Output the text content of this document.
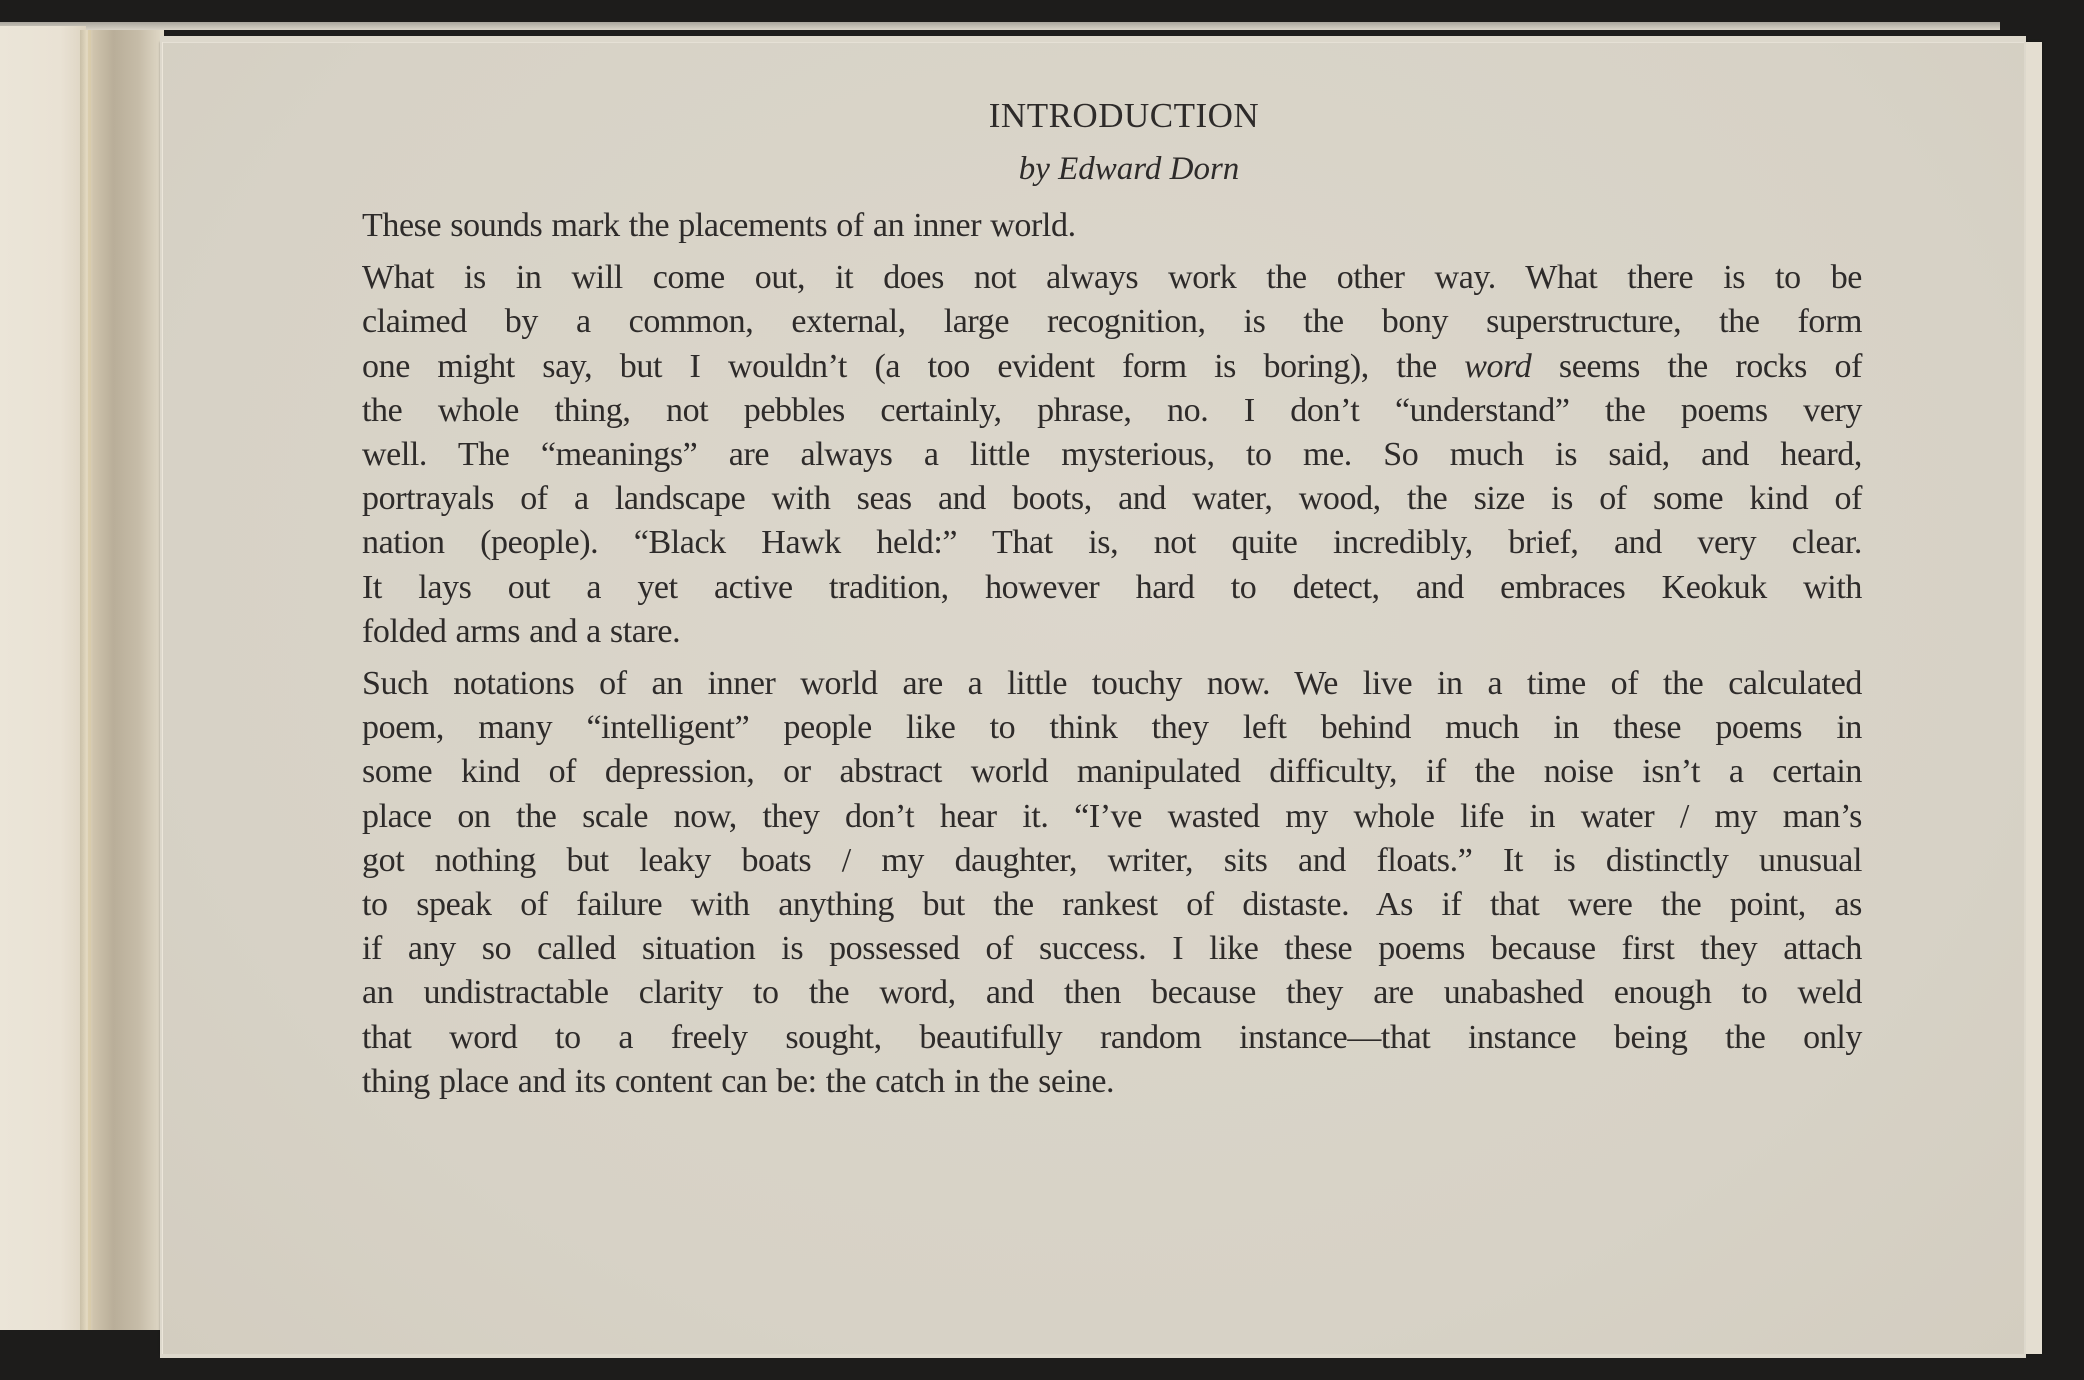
INTRODUCTION

by Edward Dorn

These sounds mark the placements of an inner world.

What is in will come out, it does not always work the other way. What there is to be
claimed by a common, external, large recognition, is the bony superstructure, the form
one might say, but I wouldn’t (a too evident form is boring), the word seems the rocks of
the whole thing, not pebbles certainly, phrase, no. I don’t “understand” the poems very
well. The “meanings” are always a little mysterious, to me. So much is said, and heard,
portrayals of a landscape with seas and boots, and water, wood, the size is of some kind of
nation (people). “Black Hawk held:” That is, not quite incredibly, brief, and very clear.
It lays out a yet active tradition, however hard to detect, and embraces Keokuk with
folded arms and a stare.

Such notations of an inner world are a little touchy now. We live in a time of the calculated
poem, many “intelligent” people like to think they left behind much in these poems in
some kind of depression, or abstract world manipulated difficulty, if the noise isn’t a certain
place on the scale now, they don’t hear it. “I’ve wasted my whole life in water / my man’s
got nothing but leaky boats / my daughter, writer, sits and floats.” It is distinctly unusual
to speak of failure with anything but the rankest of distaste. As if that were the point, as
if any so called situation is possessed of success. I like these poems because first they attach
an undistractable clarity to the word, and then because they are unabashed enough to weld
that word to a freely sought, beautifully random instance—that instance being the only
thing place and its content can be: the catch in the seine.
